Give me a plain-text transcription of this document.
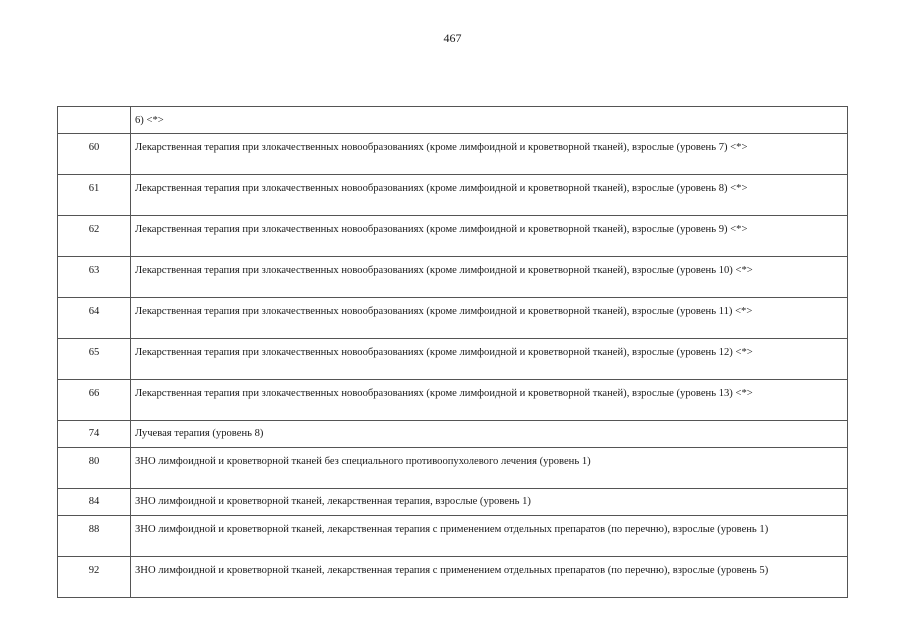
467

	6) <*>

60	Лекарственная терапия при злокачественных новообразованиях (кроме лимфоидной и кроветворной тканей), взрослые (уровень 7) <*>

61	Лекарственная терапия при злокачественных новообразованиях (кроме лимфоидной и кроветворной тканей), взрослые (уровень 8) <*>

62	Лекарственная терапия при злокачественных новообразованиях (кроме лимфоидной и кроветворной тканей), взрослые (уровень 9) <*>

63	Лекарственная терапия при злокачественных новообразованиях (кроме лимфоидной и кроветворной тканей), взрослые (уровень 10) <*>

64	Лекарственная терапия при злокачественных новообразованиях (кроме лимфоидной и кроветворной тканей), взрослые (уровень 11) <*>

65	Лекарственная терапия при злокачественных новообразованиях (кроме лимфоидной и кроветворной тканей), взрослые (уровень 12) <*>

66	Лекарственная терапия при злокачественных новообразованиях (кроме лимфоидной и кроветворной тканей), взрослые (уровень 13) <*>

74	Лучевая терапия (уровень 8)

80	ЗНО лимфоидной и кроветворной тканей без специального противоопухолевого лечения (уровень 1)

84	ЗНО лимфоидной и кроветворной тканей, лекарственная терапия, взрослые (уровень 1)

88	ЗНО лимфоидной и кроветворной тканей, лекарственная терапия с применением отдельных препаратов (по перечню), взрослые (уровень 1)

92	ЗНО лимфоидной и кроветворной тканей, лекарственная терапия с применением отдельных препаратов (по перечню), взрослые (уровень 5)
